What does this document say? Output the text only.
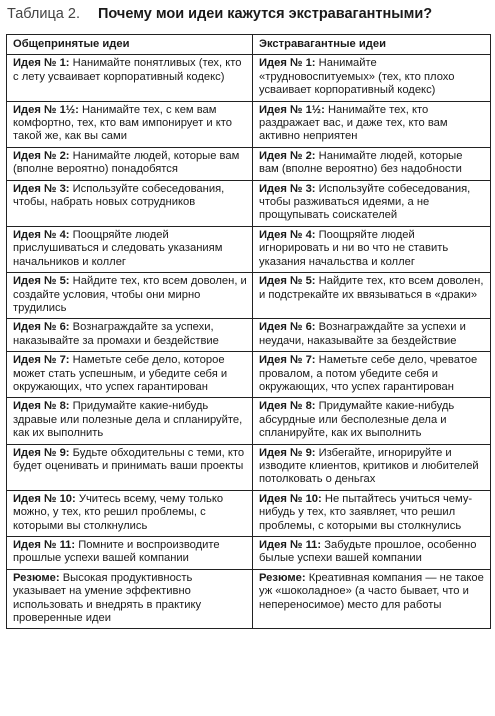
Таблица 2. Почему мои идеи кажутся экстравагантными?
Общепринятые идеи	Экстравагантные идеи
Идея № 1: Нанимайте понятливых (тех, кто с лету усваивает корпоративный кодекс)	Идея № 1: Нанимайте «трудновоспитуемых» (тех, кто плохо усваивает корпоративный кодекс)
Идея № 1½: Нанимайте тех, с кем вам комфортно, тех, кто вам импонирует и кто такой же, как вы сами	Идея № 1½: Нанимайте тех, кто раздражает вас, и даже тех, кто вам активно неприятен
Идея № 2: Нанимайте людей, которые вам (вполне вероятно) понадобятся	Идея № 2: Нанимайте людей, которые вам (вполне вероятно) без надобности
Идея № 3: Используйте собеседования, чтобы, набрать новых сотрудников	Идея № 3: Используйте собеседования, чтобы разживаться идеями, а не прощупывать соискателей
Идея № 4: Поощряйте людей прислушиваться и следовать указаниям начальников и коллег	Идея № 4: Поощряйте людей игнорировать и ни во что не ставить указания начальства и коллег
Идея № 5: Найдите тех, кто всем доволен, и создайте условия, чтобы они мирно трудились	Идея № 5: Найдите тех, кто всем доволен, и подстрекайте их ввязываться в «драки»
Идея № 6: Вознаграждайте за успехи, наказывайте за промахи и бездействие	Идея № 6: Вознаграждайте за успехи и неудачи, наказывайте за бездействие
Идея № 7: Наметьте себе дело, которое может стать успешным, и убедите себя и окружающих, что успех гарантирован	Идея № 7: Наметьте себе дело, чреватое провалом, а потом убедите себя и окружающих, что успех гарантирован
Идея № 8: Придумайте какие-нибудь здравые или полезные дела и спланируйте, как их выполнить	Идея № 8: Придумайте какие-нибудь абсурдные или бесполезные дела и спланируйте, как их выполнить
Идея № 9: Будьте обходительны с теми, кто будет оценивать и принимать ваши проекты	Идея № 9: Избегайте, игнорируйте и изводите клиентов, критиков и любителей потолковать о деньгах
Идея № 10: Учитесь всему, чему только можно, у тех, кто решил проблемы, с которыми вы столкнулись	Идея № 10: Не пытайтесь учиться чему-нибудь у тех, кто заявляет, что решил проблемы, с которыми вы столкнулись
Идея № 11: Помните и воспроизводите прошлые успехи вашей компании	Идея № 11: Забудьте прошлое, особенно былые успехи вашей компании
Резюме: Высокая продуктивность указывает на умение эффективно использовать и внедрять в практику проверенные идеи	Резюме: Креативная компания — не такое уж «шоколадное» (а часто бывает, что и непереносимое) место для работы
